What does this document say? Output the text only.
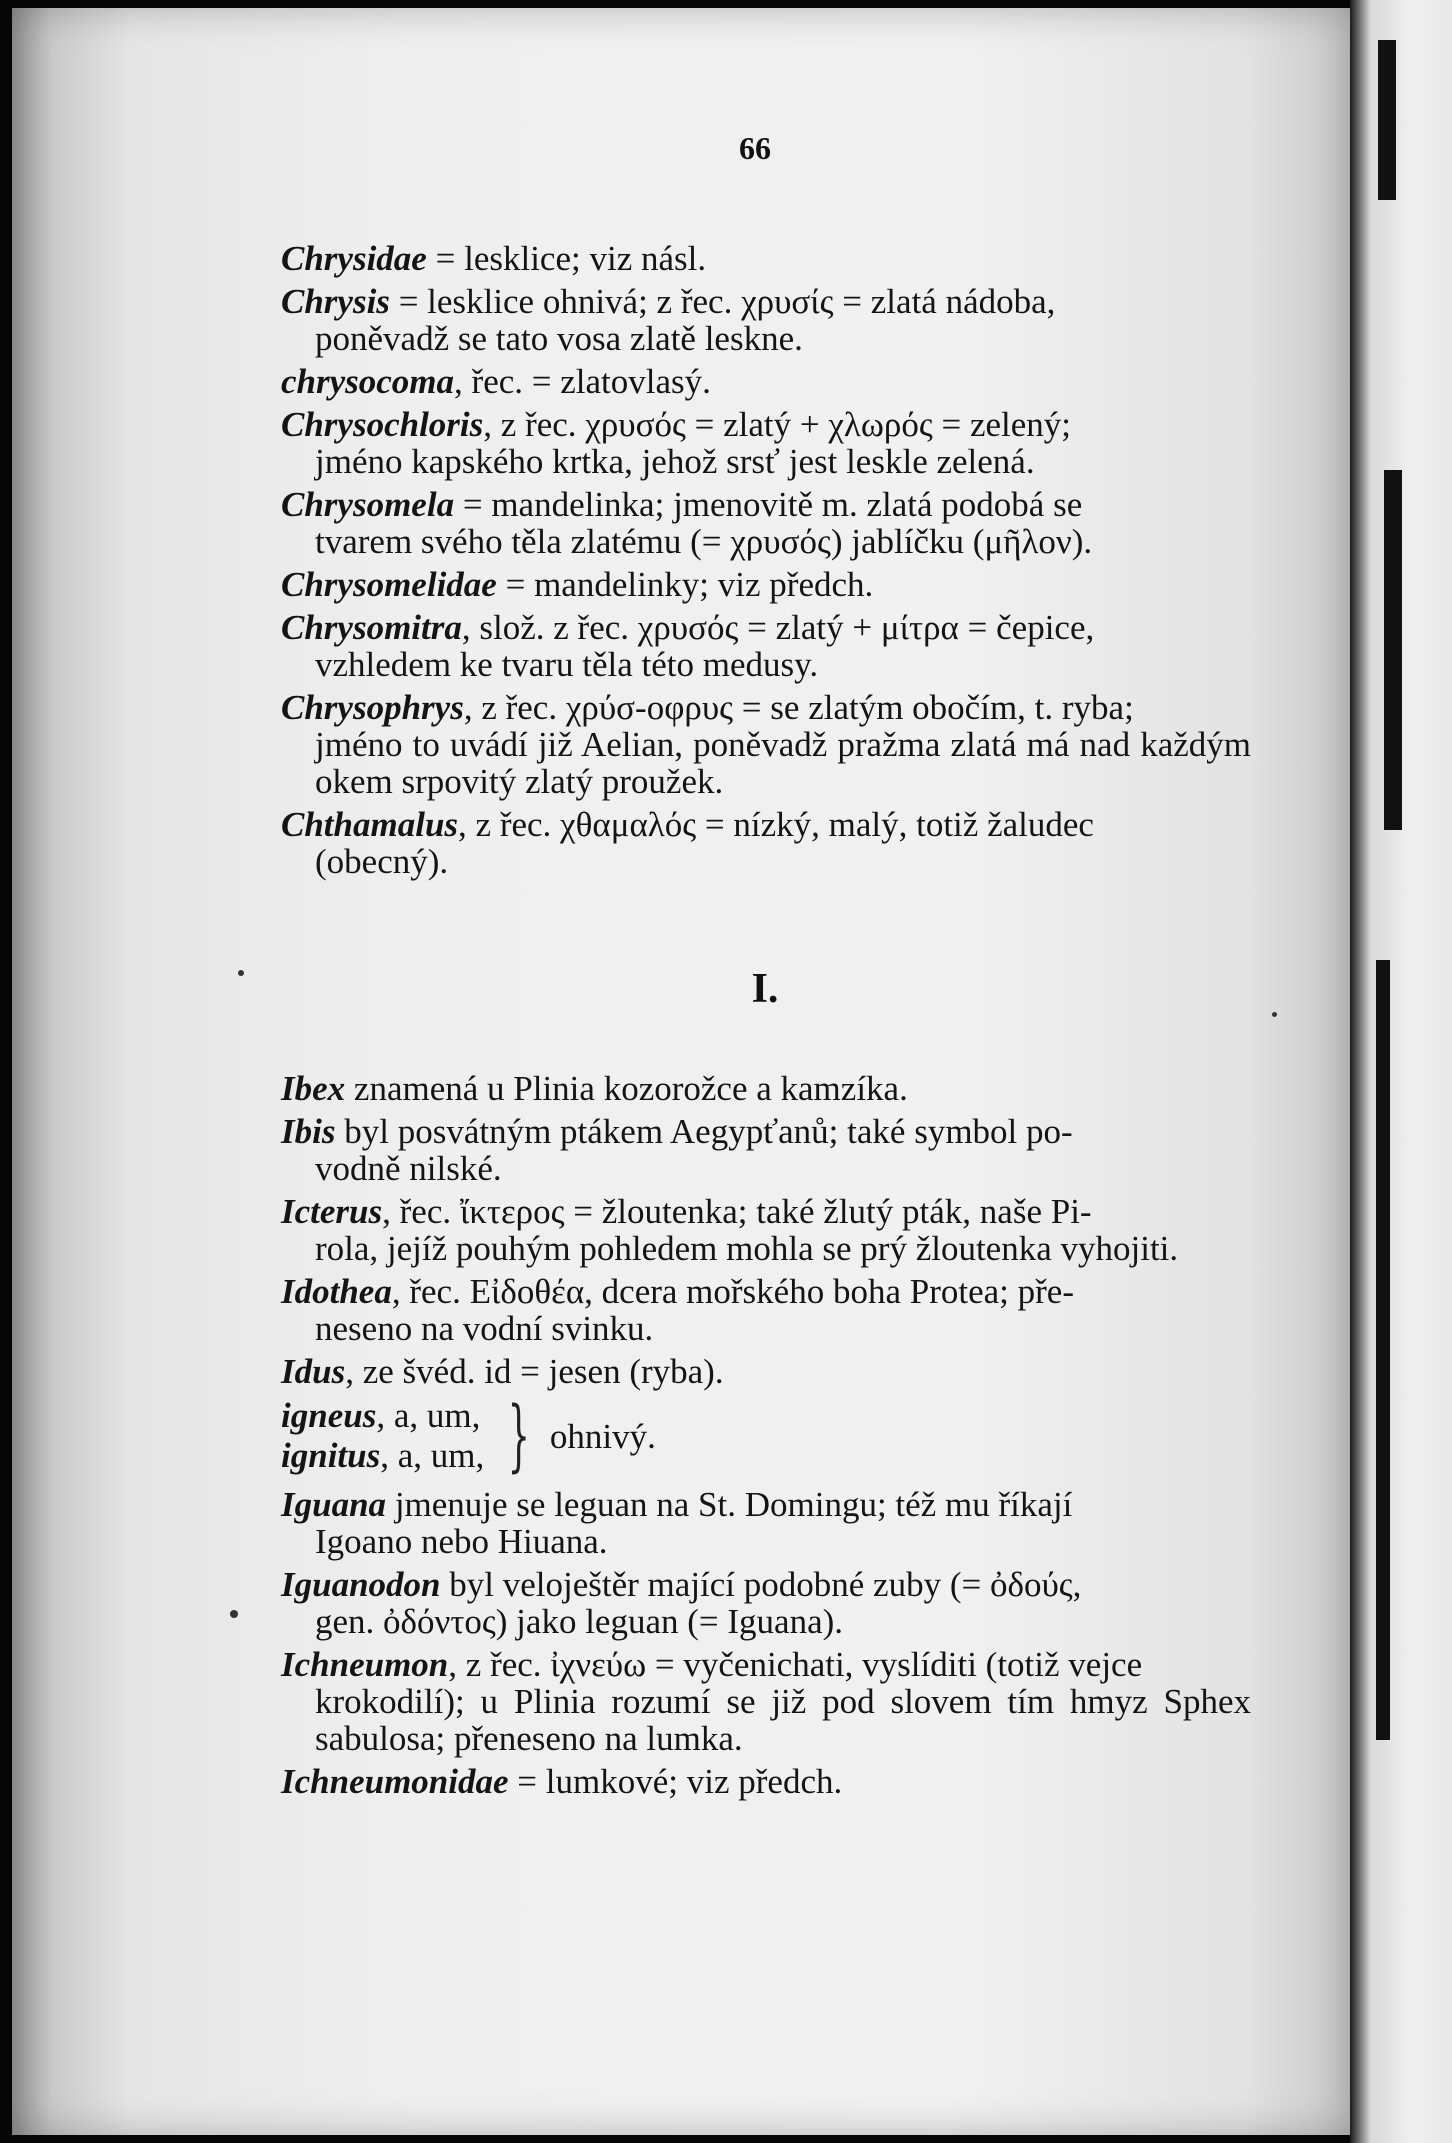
66
Chrysidae = lesklice; viz násl.
Chrysis = lesklice ohnivá; z řec. χρυσίς = zlatá nádoba,
poněvadž se tato vosa zlatě leskne.
chrysocoma, řec. = zlatovlasý.
Chrysochloris, z řec. χρυσός = zlatý + χλωρός = zelený;
jméno kapského krtka, jehož srsť jest leskle zelená.
Chrysomela = mandelinka; jmenovitě m. zlatá podobá se
tvarem svého těla zlatému (= χρυσός) jablíčku (μῆλον).
Chrysomelidae = mandelinky; viz předch.
Chrysomitra, slož. z řec. χρυσός = zlatý + μίτρα = čepice,
vzhledem ke tvaru těla této medusy.
Chrysophrys, z řec. χρύσ-οφρυς = se zlatým obočím, t. ryba;
jméno to uvádí již Aelian, poněvadž pražma zlatá má nad každým okem srpovitý zlatý proužek.
Chthamalus, z řec. χθαμαλός = nízký, malý, totiž žaludec
(obecný).
I.
Ibex znamená u Plinia kozorožce a kamzíka.
Ibis byl posvátným ptákem Aegypťanů; také symbol po-
vodně nilské.
Icterus, řec. ἴκτερος = žloutenka; také žlutý pták, naše Pi-
rola, jejíž pouhým pohledem mohla se prý žloutenka vyhojiti.
Idothea, řec. Εἰδοθέα, dcera mořského boha Protea; pře-
neseno na vodní svinku.
Idus, ze švéd. id = jesen (ryba).
igneus, a, um,
ignitus, a, um, } ohnivý.
Iguana jmenuje se leguan na St. Domingu; též mu říkají
Igoano nebo Hiuana.
Iguanodon byl veloještěr mající podobné zuby (= ὀδούς,
gen. ὀδόντος) jako leguan (= Iguana).
Ichneumon, z řec. ἰχνεύω = vyčenichati, vyslíditi (totiž vejce
krokodilí); u Plinia rozumí se již pod slovem tím hmyz Sphex sabulosa; přeneseno na lumka.
Ichneumonidae = lumkové; viz předch.
